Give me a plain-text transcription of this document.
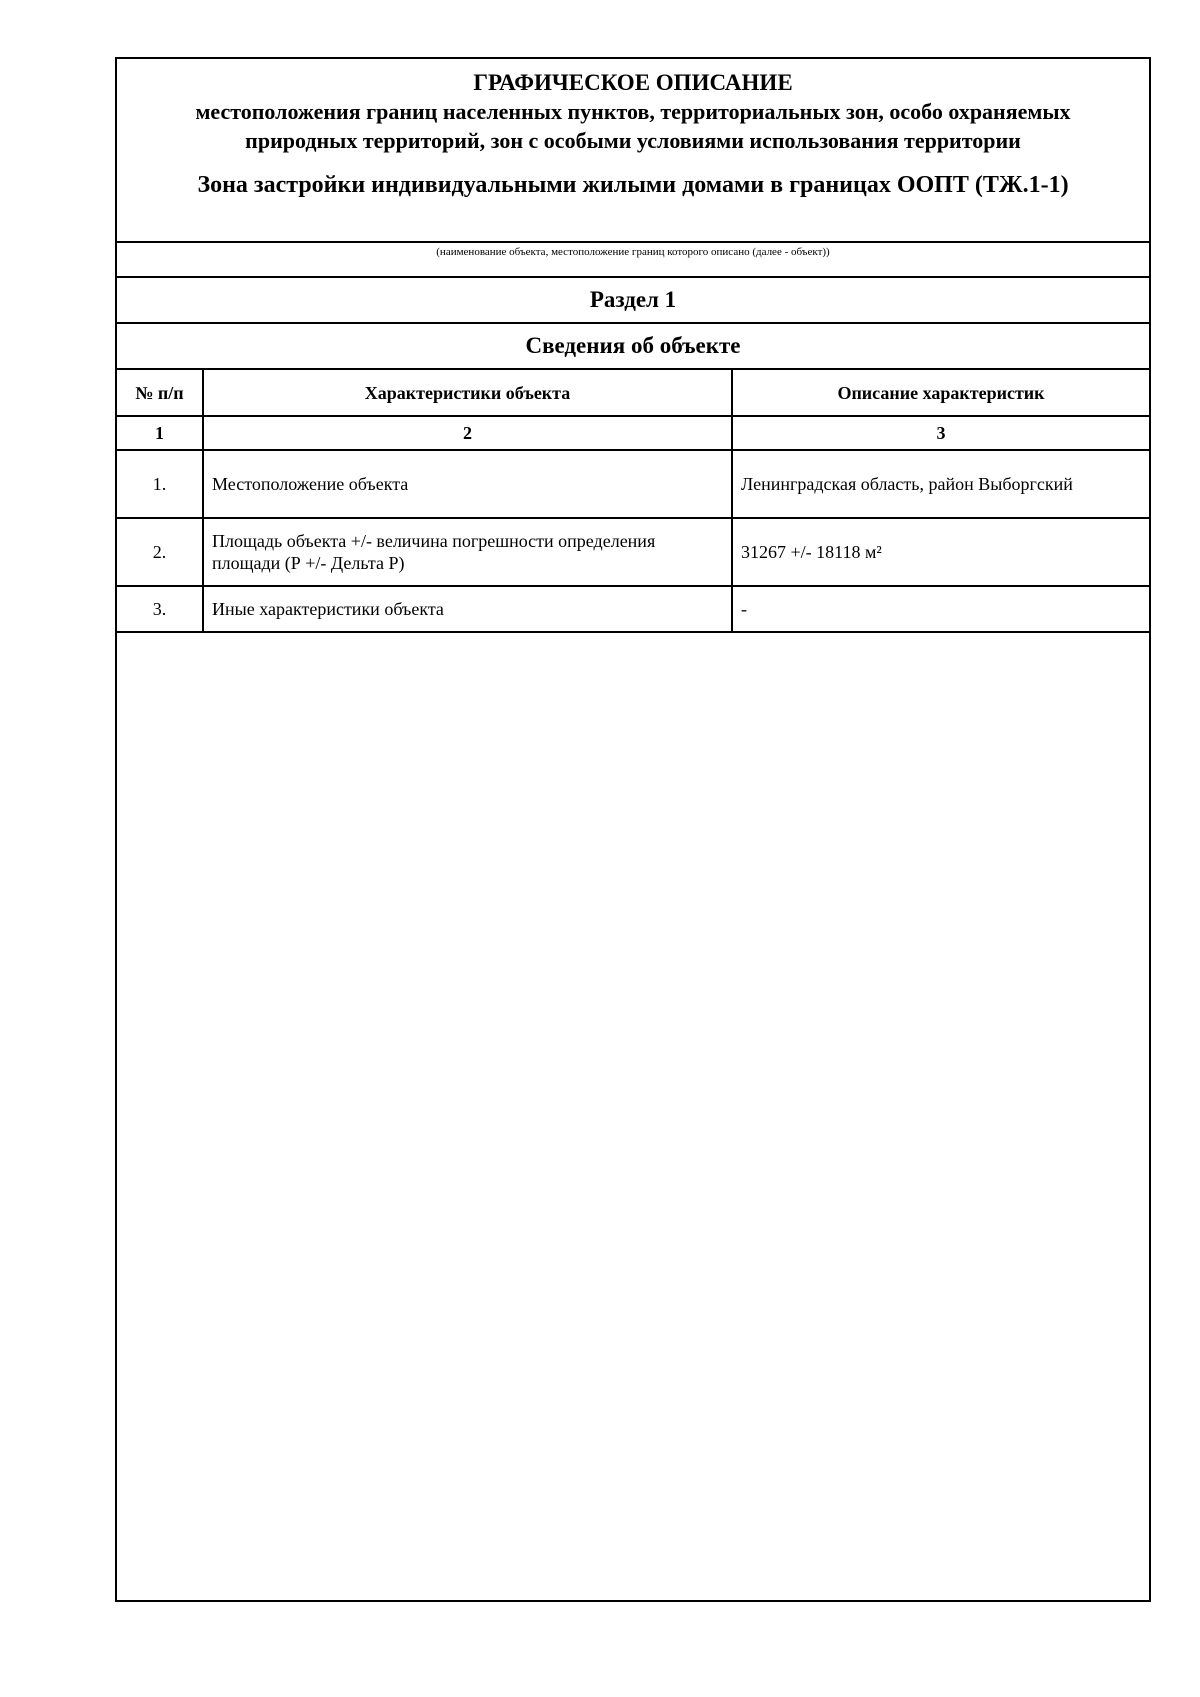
ГРАФИЧЕСКОЕ ОПИСАНИЕ
местоположения границ населенных пунктов, территориальных зон, особо охраняемых природных территорий, зон с особыми условиями использования территории
Зона застройки индивидуальными жилыми домами в границах ООПТ (ТЖ.1-1)
(наименование объекта, местоположение границ которого описано (далее - объект))
Раздел 1
Сведения об объекте
№ п/п	Характеристики объекта	Описание характеристик
1	2	3
1.	Местоположение объекта	Ленинградская область, район Выборгский
2.	Площадь объекта +/- величина погрешности определения площади (Р +/- Дельта Р)	31267 +/- 18118 м²
3.	Иные характеристики объекта	-
